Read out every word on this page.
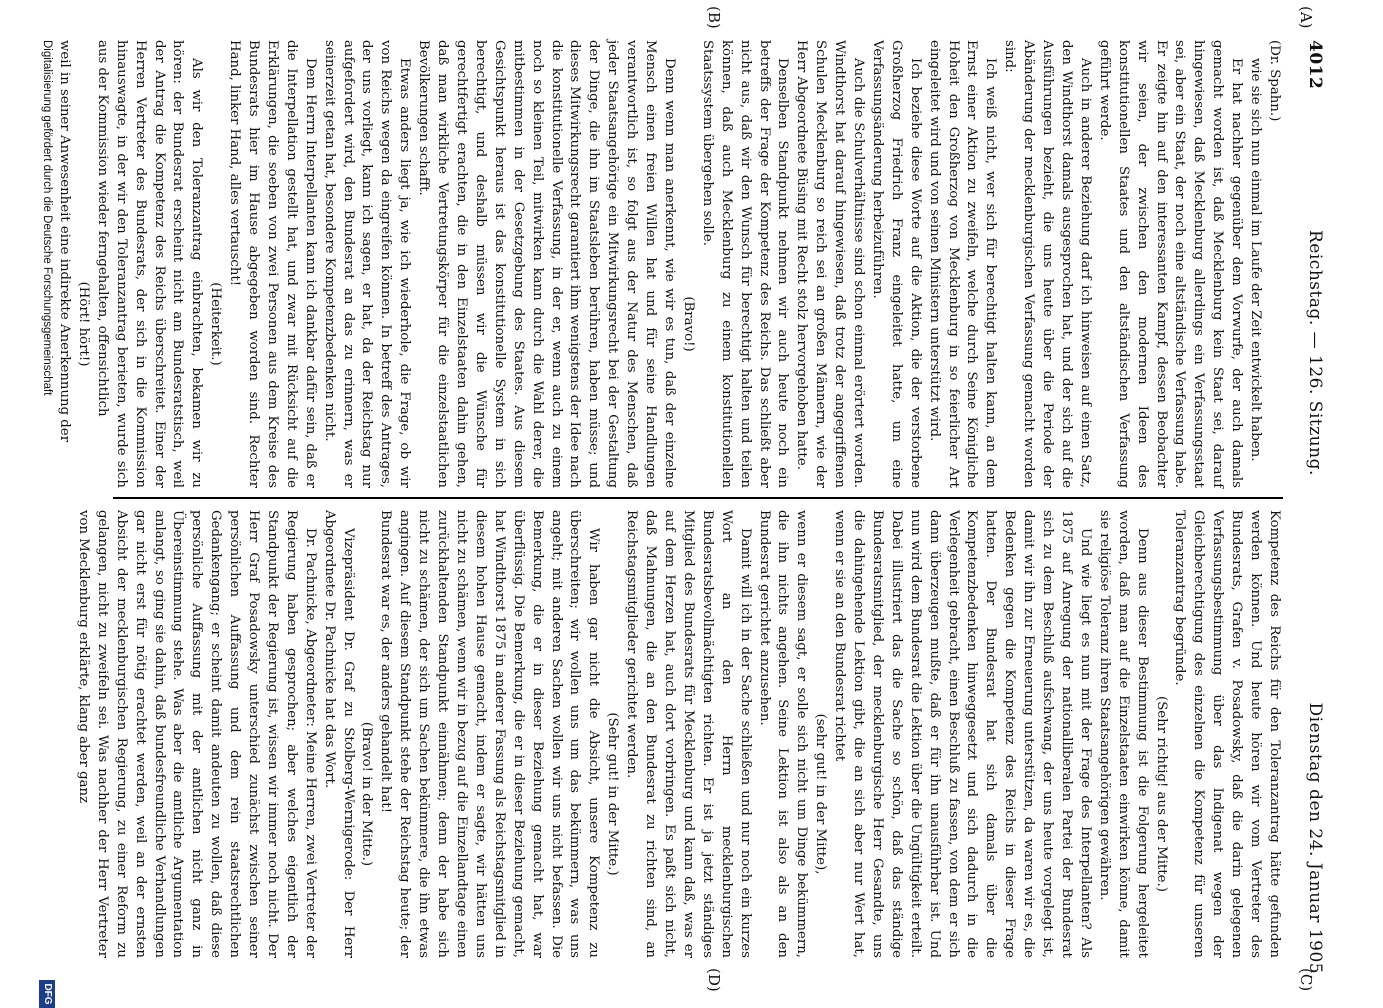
4012
Reichstag. — 126. Sitzung.
Dienstag den 24. Januar 1905.
(A)
(B)
(C)
(D)

(Dr. Spahn.)

wie sie sich nun einmal im Laufe der Zeit entwickelt haben.

Er hat nachher gegenüber dem Vorwurfe, der auch damals gemacht worden ist, daß Mecklenburg kein Staat sei, darauf hingewiesen, daß Mecklenburg allerdings ein Verfassungsstaat sei, aber ein Staat, der noch eine altständische Verfassung habe. Er zeigte hin auf den interessanten Kampf, dessen Beobachter wir seien, der zwischen den modernen Ideen des konstitutionellen Staates und den altständischen Verfassung geführt werde.

Auch in anderer Beziehung darf ich hinweisen auf einen Satz, den Windthorst damals ausgesprochen hat, und der sich auf die Ausführungen bezieht, die uns heute über die Periode der Abänderung der mecklenburgischen Verfassung gemacht worden sind:

Ich weiß nicht, wer sich für berechtigt halten kann, an dem Ernst einer Aktion zu zweifeln, welche durch Seine Königliche Hoheit den Großherzog von Mecklenburg in so feierlicher Art eingeleitet wird und von seinen Ministern unterstützt wird.

Ich beziehe diese Worte auf die Aktion, die der verstorbene Großherzog Friedrich Franz eingeleitet hatte, um eine Verfassungsänderung herbeizuführen.

Auch die Schulverhältnisse sind schon einmal erörtert worden. Windthorst hat darauf hingewiesen, daß trotz der angegriffenen Schulen Mecklenburg so reich sei an großen Männern, wie der Herr Abgeordnete Büsing mit Recht stolz hervorgehoben hatte.

Denselben Standpunkt nehmen wir auch heute noch ein betreffs der Frage der Kompetenz des Reichs. Das schließt aber nicht aus, daß wir den Wunsch für berechtigt halten und teilen können, daß auch Mecklenburg zu einem konstitutionellen Staatssystem übergehen solle.

(Bravo!)

Denn wenn man anerkennt, wie wir es tun, daß der einzelne Mensch einen freien Willen hat und für seine Handlungen verantwortlich ist, so folgt aus der Natur des Menschen, daß jeder Staatsangehörige ein Mitwirkungsrecht bei der Gestaltung der Dinge, die ihn im Staatsleben berühren, haben müsse; und dieses Mitwirkungsrecht garantiert ihm wenigstens der Idee nach die konstitutionelle Verfassung, in der er, wenn auch zu einem noch so kleinen Teil, mitwirken kann durch die Wahl derer, die mitbestimmen in der Gesetzgebung des Staates. Aus diesem Gesichtspunkt heraus ist das konstitutionelle System in sich berechtigt, und deshalb müssen wir die Wünsche für gerechtfertigt erachten, die in den Einzelstaaten dahin gehen, daß man wirkliche Vertretungskörper für die einzelstaatlichen Bevölkerungen schafft.

Etwas anders liegt ja, wie ich wiederhole, die Frage, ob wir von Reichs wegen da eingreifen können. In betreff des Antrages, der uns vorliegt, kann ich sagen, er hat, da der Reichstag nur aufgefordert wird, den Bundesrat an das zu erinnern, was er seinerzeit getan hat, besondere Kompetenzbedenken nicht.

Dem Herrn Interpellanten kann ich dankbar dafür sein, daß er die Interpellation gestellt hat, und zwar mit Rücksicht auf die Erklärungen, die soeben von zwei Personen aus dem Kreise des Bundesrats hier im Hause abgegeben worden sind. Rechter Hand, linker Hand, alles vertauscht!

(Heiterkeit.)

Als wir den Toleranzantrag einbrachten, bekamen wir zu hören: der Bundesrat erscheint nicht am Bundesratstisch, weil der Antrag die Kompetenz des Reichs überschreitet. Einer der Herren Vertreter des Bundesrats, der sich in die Kommission hinauswagte, in der wir den Toleranzantrag berieten, wurde sich aus der Kommission wieder ferngehalten, offensichtlich

(Hört! hört!)

weil in seiner Anwesenheit eine indirekte Anerkennung der

Kompetenz des Reichs für den Toleranzantrag hätte gefunden werden können. Und heute hören wir vom Vertreter des Bundesrats, Grafen v. Posadowsky, daß die darin gelegenen Verfassungsbestimmung über das Indigenat wegen der Gleichberechtigung des einzelnen die Kompetenz für unseren Toleranzantrag begründe.

(Sehr richtig! aus der Mitte.)

Denn aus dieser Bestimmung ist die Folgerung hergeleitet worden, daß man auf die Einzelstaaten einwirken könne, damit sie religiöse Toleranz ihren Staatsangehörigen gewähren.

Und wie liegt es nun mit der Frage des Interpellanten? Als 1875 auf Anregung der nationalliberalen Partei der Bundesrat sich zu dem Beschluß aufschwang, der uns heute vorgelegt ist, damit wir ihn zur Erneuerung unterstützen, da waren wir es, die Bedenken gegen die Kompetenz des Reichs in dieser Frage hatten. Der Bundesrat hat sich damals über die Kompetenzbedenken hinweggesetzt und sich dadurch in die Verlegenheit gebracht, einen Beschluß zu fassen, von dem er sich dann überzeugen mußte, daß er für ihn unausführbar ist. Und nun wird dem Bundesrat die Lektion über die Ungültigkeit erteilt. Dabei illustriert das die Sache so schön, daß das ständige Bundesratsmitglied, der mecklenburgische Herr Gesandte, uns die dahingehende Lektion gibt, die an sich aber nur Wert hat, wenn er sie an den Bundesrat richtet

(sehr gut! in der Mitte),

wenn er diesem sagt, er solle sich nicht um Dinge bekümmern, die ihn nichts angehen. Seine Lektion ist also als an den Bundesrat gerichtet anzusehen.

Damit will ich in der Sache schließen und nur noch ein kurzes Wort an den Herrn mecklenburgischen Bundesratsbevollmächtigten richten. Er ist ja jetzt ständiges Mitglied des Bundesrats für Mecklenburg und kann daß, was er auf dem Herzen hat, auch dort vorbringen. Es paßt sich nicht, daß Mahnungen, die an den Bundesrat zu richten sind, an Reichstagsmitglieder gerichtet werden.

(Sehr gut! in der Mitte.)

Wir haben gar nicht die Absicht, unsere Kompetenz zu überschreiten; wir wollen uns um das bekümmern, was uns angeht; mit anderen Sachen wollen wir uns nicht befassen. Die Bemerkung, die er in dieser Beziehung gemacht hat, war überflüssig. Die Bemerkung, die er in dieser Beziehung gemacht, hat Windthorst 1875 in anderer Fassung als Reichstagsmitglied in diesem hohen Hause gemacht, indem er sagte, wir hätten uns nicht zu schämen, wenn wir in bezug auf die Einzellandtage einen zurückhaltenden Standpunkt einnähmen; denn der habe sich nicht zu schämen, der sich um Sachen bekümmere, die ihn etwas angingen. Auf diesem Standpunkt stehe der Reichstag heute; der Bundesrat war es, der anders gehandelt hat!

(Bravo! in der Mitte.)

Vizepräsident Dr. Graf zu Stolberg-Wernigerode: Der Herr Abgeordnete Dr. Pachnicke hat das Wort.

Dr. Pachnicke, Abgeordneter: Meine Herren, zwei Vertreter der Regierung haben gesprochen; aber welches eigentlich der Standpunkt der Regierung ist, wissen wir immer noch nicht. Der Herr Graf Posadowsky unterschied zunächst zwischen seiner persönlichen Auffassung und dem rein staatsrechtlichen Gedankengang; er scheint damit andeuten zu wollen, daß diese persönliche Auffassung mit der amtlichen nicht ganz in Übereinstimmung stehe. Was aber die amtliche Argumentation anlangt, so ging sie dahin, daß bundesfreundliche Verhandlungen gar nicht erst für nötig erachtet werden, weil an der ernsten Absicht der mecklenburgischen Regierung, zu einer Reform zu gelangen, nicht zu zweifeln sei. Was nachher der Herr Vertreter von Mecklenburg erklärte, klang aber ganz

Digitalisierung gefördert durch die Deutsche Forschungsgemeinschaft
DFG
